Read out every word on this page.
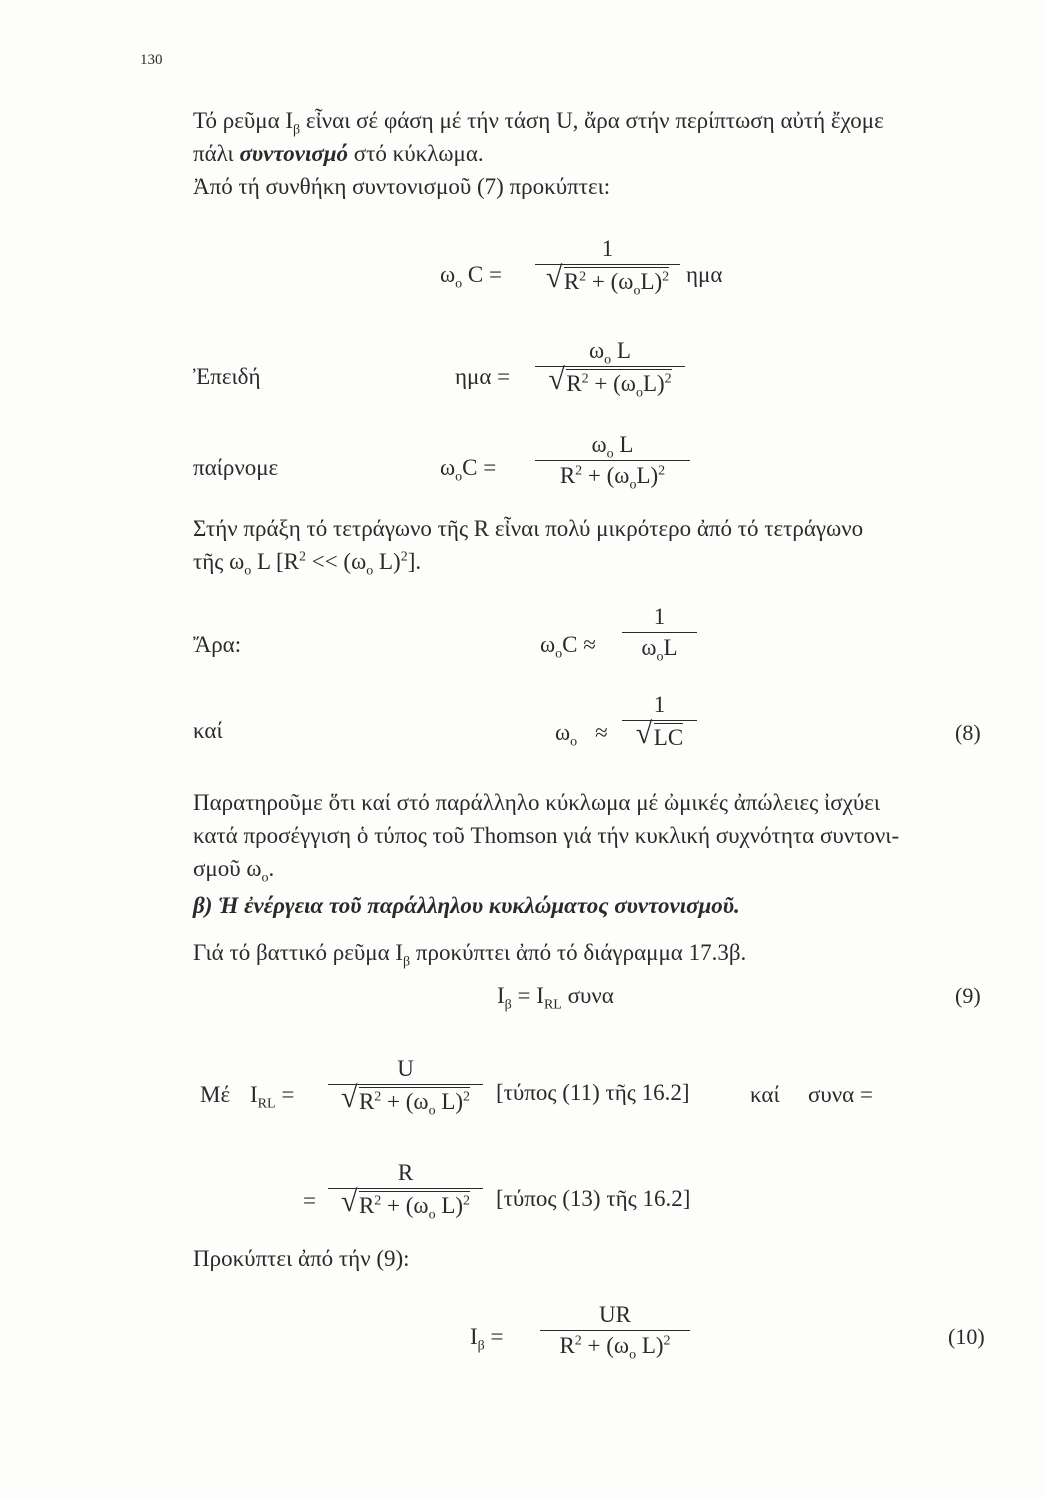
130
Τό ρεῦμα $I_\beta$ εἶναι σέ φάση μέ τήν τάση U, ἄρα στήν περίπτωση αὐτή ἔχομε
πάλι συντονισμό στό κύκλωμα.
Ἀπό τή συνθήκη συντονισμοῦ (7) προκύπτει:
$\omega_o$ C =
1
√ $R^2 + (\omega_oL)^2$ ημα
Ἐπειδή	ημα =
$\omega_o$ L
√ $R^2 + (\omega_oL)^2$
παίρνομε	$\omega_oC$ =
$\omega_o$ L
$R^2 + (\omega_oL)^2$
Στήν πράξη τό τετράγωνο τῆς R εἶναι πολύ μικρότερο ἀπό τό τετράγωνο
τῆς $\omega_o$ L [$R^2 << (\omega_o$ L)$^2$].
Ἄρα:	$\omega_oC$ ≈
1
$\omega_oL$
καί	$\omega_o$ ≈
1
√ LC	(8)
Παρατηροῦμε ὅτι καί στό παράλληλο κύκλωμα μέ ὠμικές ἀπώλειες ἰσχύει
κατά προσέγγιση ὁ τύπος τοῦ Thomson γιά τήν κυκλική συχνότητα συντονι-
σμοῦ $\omega_o$.
β) Ἡ ἐνέργεια τοῦ παράλληλου κυκλώματος συντονισμοῦ.
Γιά τό βαττικό ρεῦμα $I_\beta$ προκύπτει ἀπό τό διάγραμμα 17.3β.
$I_\beta = I_{RL}$ συνα	(9)
Μέ $I_{RL}$ =
U
√ $R^2 + (\omega_o$ L)$^2$	[τύπος (11) τῆς 16.2]	καί συνα =
=
R
√ $R^2 + (\omega_o$ L)$^2$	[τύπος (13) τῆς 16.2]
Προκύπτει ἀπό τήν (9):
$I_\beta$ =
UR
$R^2 + (\omega_o$ L)$^2$	(10)
